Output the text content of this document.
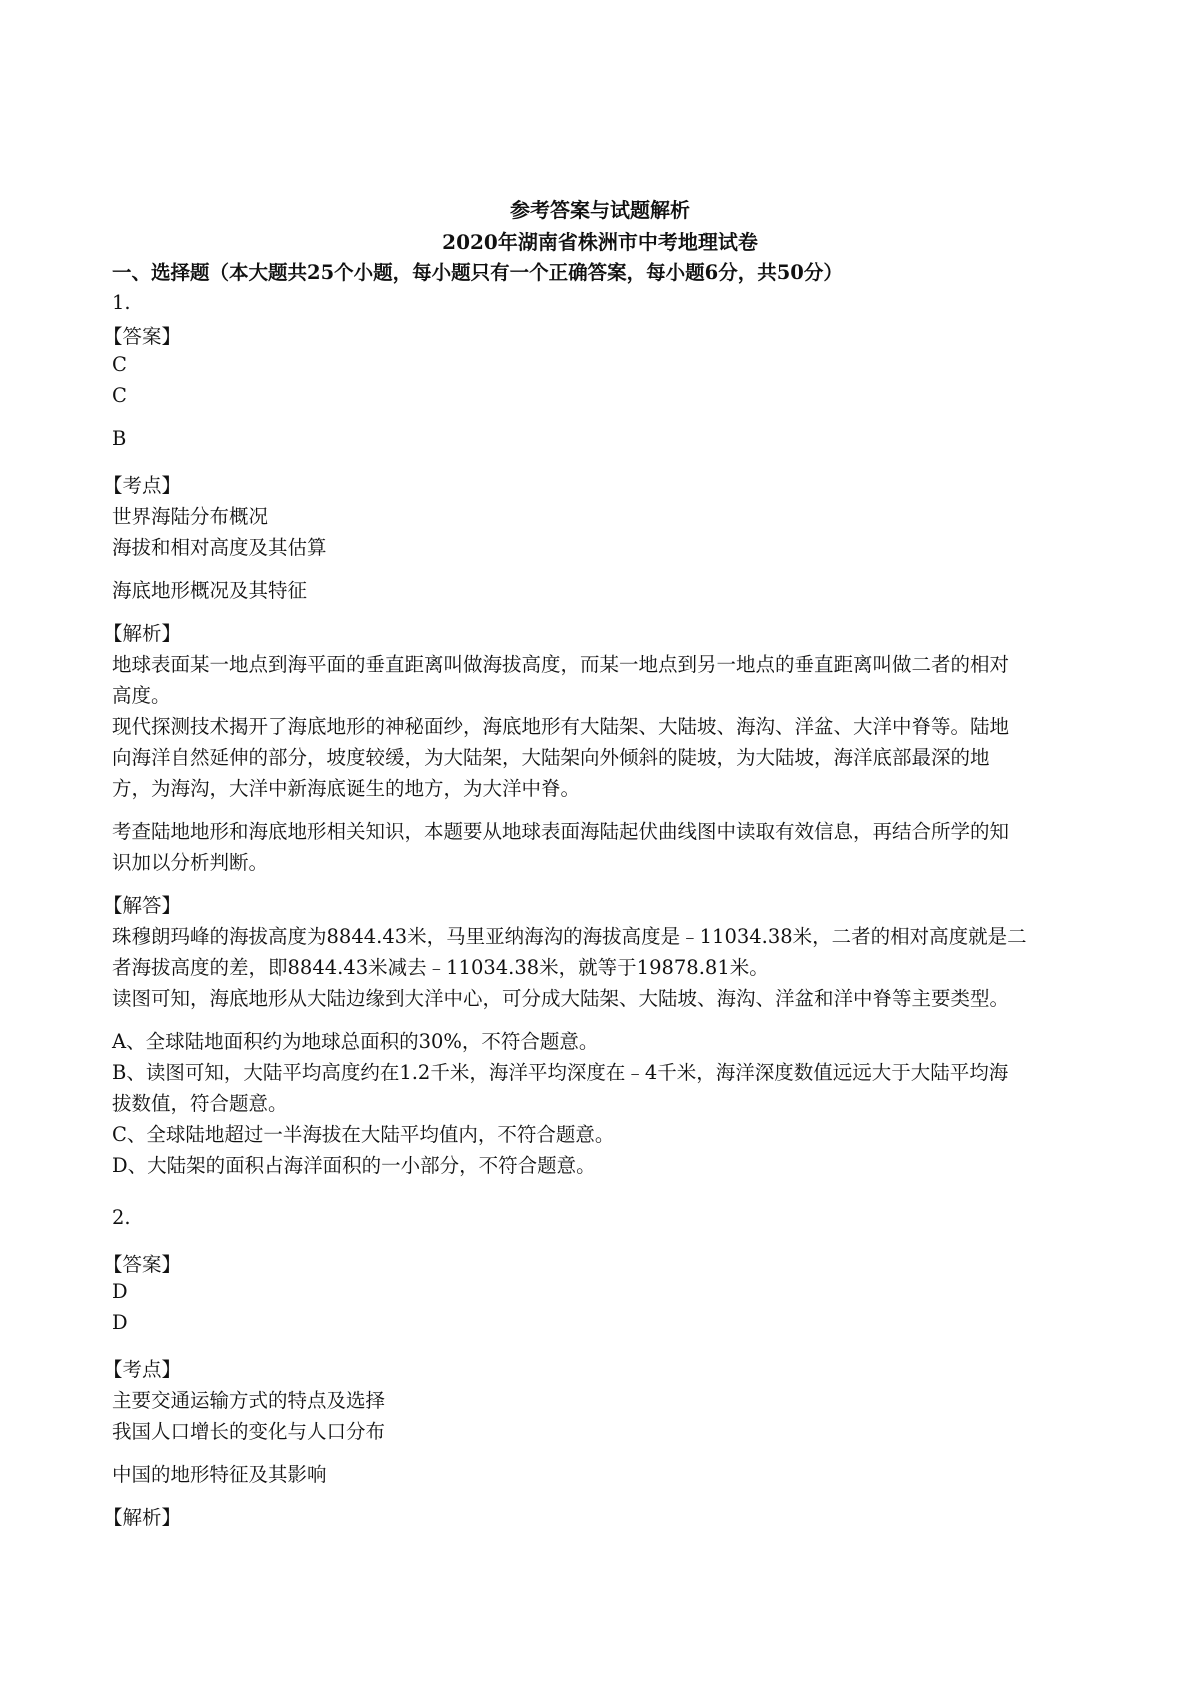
参考答案与试题解析
2020年湖南省株洲市中考地理试卷
一、选择题（本大题共25个小题，每小题只有一个正确答案，每小题6分，共50分）
1.
【答案】
C
C
B
【考点】
世界海陆分布概况
海拔和相对高度及其估算
海底地形概况及其特征
【解析】
地球表面某一地点到海平面的垂直距离叫做海拔高度，而某一地点到另一地点的垂直距离叫做二者的相对
高度。
现代探测技术揭开了海底地形的神秘面纱，海底地形有大陆架、大陆坡、海沟、洋盆、大洋中脊等。陆地
向海洋自然延伸的部分，坡度较缓，为大陆架，大陆架向外倾斜的陡坡，为大陆坡，海洋底部最深的地
方，为海沟，大洋中新海底诞生的地方，为大洋中脊。
考查陆地地形和海底地形相关知识，本题要从地球表面海陆起伏曲线图中读取有效信息，再结合所学的知
识加以分析判断。
【解答】
珠穆朗玛峰的海拔高度为8844.43米，马里亚纳海沟的海拔高度是﹣11034.38米，二者的相对高度就是二
者海拔高度的差，即8844.43米减去﹣11034.38米，就等于19878.81米。
读图可知，海底地形从大陆边缘到大洋中心，可分成大陆架、大陆坡、海沟、洋盆和洋中脊等主要类型。
A、全球陆地面积约为地球总面积的30%，不符合题意。
B、读图可知，大陆平均高度约在1.2千米，海洋平均深度在﹣4千米，海洋深度数值远远大于大陆平均海
拔数值，符合题意。
C、全球陆地超过一半海拔在大陆平均值内，不符合题意。
D、大陆架的面积占海洋面积的一小部分，不符合题意。
2.
【答案】
D
D
【考点】
主要交通运输方式的特点及选择
我国人口增长的变化与人口分布
中国的地形特征及其影响
【解析】
